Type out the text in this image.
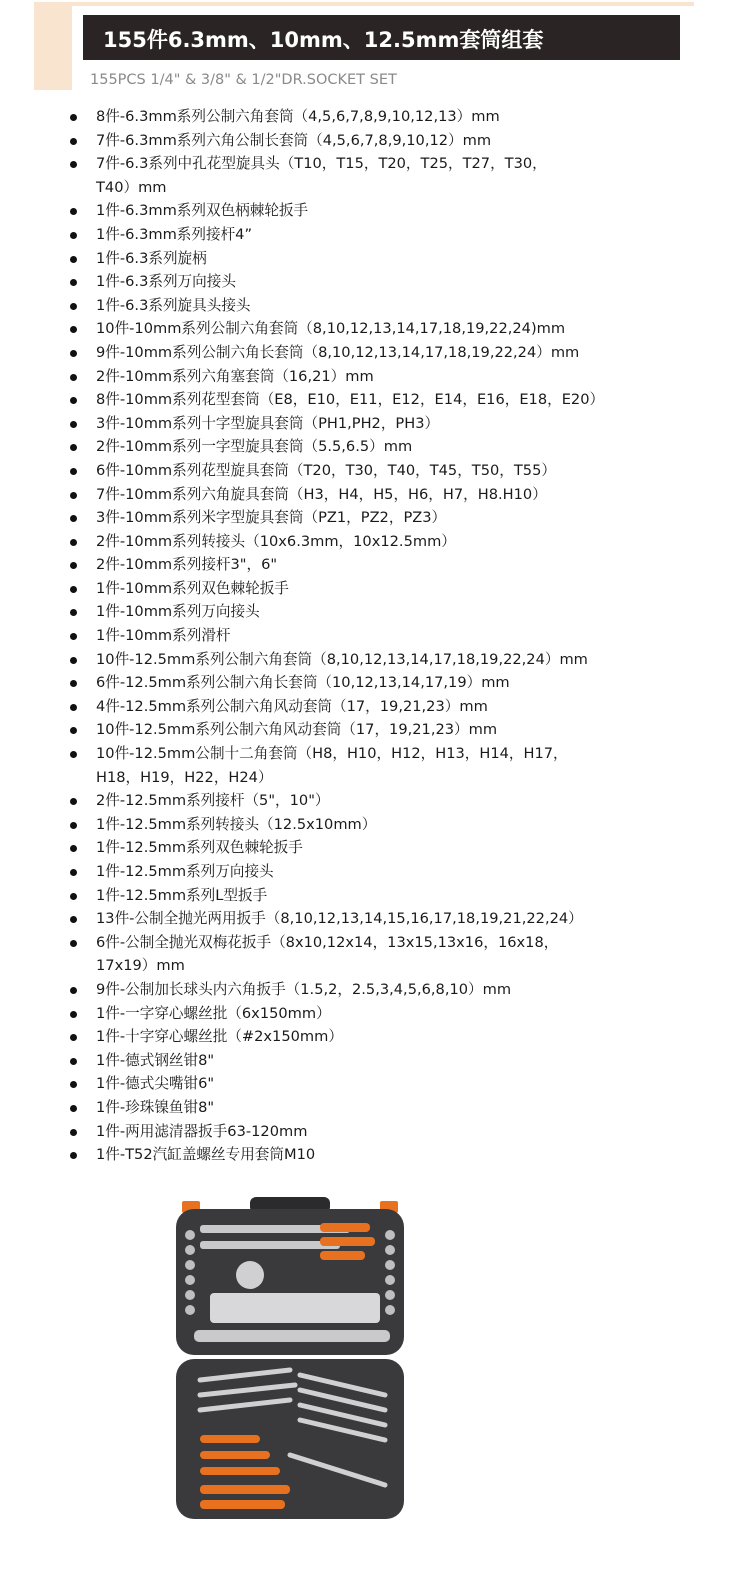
155件6.3mm、10mm、12.5mm套筒组套
155PCS 1/4" & 3/8" & 1/2"DR.SOCKET SET
8件-6.3mm系列公制六角套筒（4,5,6,7,8,9,10,12,13）mm
7件-6.3mm系列六角公制长套筒（4,5,6,7,8,9,10,12）mm
7件-6.3系列中孔花型旋具头（T10，T15，T20，T25，T27，T30，
T40）mm
1件-6.3mm系列双色柄棘轮扳手
1件-6.3mm系列接杆4”
1件-6.3系列旋柄
1件-6.3系列万向接头
1件-6.3系列旋具头接头
10件-10mm系列公制六角套筒（8,10,12,13,14,17,18,19,22,24)mm
9件-10mm系列公制六角长套筒（8,10,12,13,14,17,18,19,22,24）mm
2件-10mm系列六角塞套筒（16,21）mm
8件-10mm系列花型套筒（E8，E10，E11，E12，E14，E16，E18，E20）
3件-10mm系列十字型旋具套筒（PH1,PH2，PH3）
2件-10mm系列一字型旋具套筒（5.5,6.5）mm
6件-10mm系列花型旋具套筒（T20，T30，T40，T45，T50，T55）
7件-10mm系列六角旋具套筒（H3，H4，H5，H6，H7，H8.H10）
3件-10mm系列米字型旋具套筒（PZ1，PZ2，PZ3）
2件-10mm系列转接头（10x6.3mm，10x12.5mm）
2件-10mm系列接杆3"，6"
1件-10mm系列双色棘轮扳手
1件-10mm系列万向接头
1件-10mm系列滑杆
10件-12.5mm系列公制六角套筒（8,10,12,13,14,17,18,19,22,24）mm
6件-12.5mm系列公制六角长套筒（10,12,13,14,17,19）mm
4件-12.5mm系列公制六角风动套筒（17，19,21,23）mm
10件-12.5mm系列公制六角风动套筒（17，19,21,23）mm
10件-12.5mm公制十二角套筒（H8，H10，H12，H13，H14，H17，
H18，H19，H22，H24）
2件-12.5mm系列接杆（5"，10"）
1件-12.5mm系列转接头（12.5x10mm）
1件-12.5mm系列双色棘轮扳手
1件-12.5mm系列万向接头
1件-12.5mm系列L型扳手
13件-公制全抛光两用扳手（8,10,12,13,14,15,16,17,18,19,21,22,24）
6件-公制全抛光双梅花扳手（8x10,12x14，13x15,13x16，16x18，
17x19）mm
9件-公制加长球头内六角扳手（1.5,2，2.5,3,4,5,6,8,10）mm
1件-一字穿心螺丝批（6x150mm）
1件-十字穿心螺丝批（#2x150mm）
1件-德式钢丝钳8"
1件-德式尖嘴钳6"
1件-珍珠镍鱼钳8"
1件-两用滤清器扳手63-120mm
1件-T52汽缸盖螺丝专用套筒M10
